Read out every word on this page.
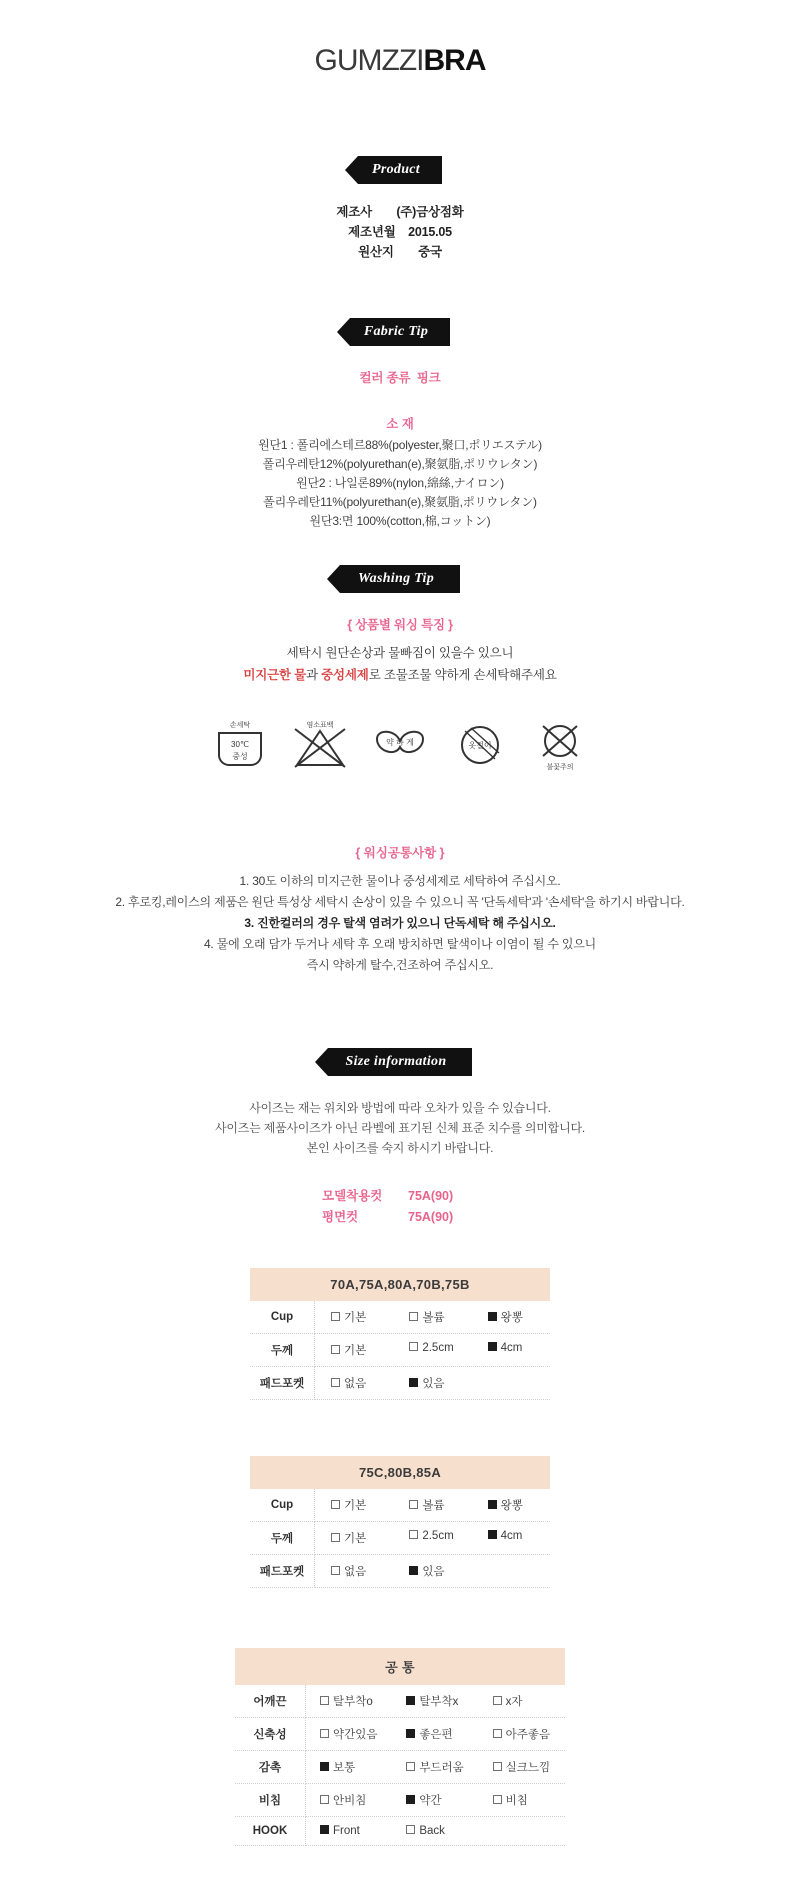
GUMZZIBRA
Product
제조사 (주)금상점화
제조년월 2015.05
원산지 중국
Fabric Tip
컬러 종류 핑크
소 재
원단1 : 폴리에스테르88%(polyester,聚口,ポリエステル)
폴리우레탄12%(polyurethan(e),聚氨脂,ポリウレタン)
원단2 : 나일론89%(nylon,綿絲,ナイロン)
폴리우레탄11%(polyurethan(e),聚氨脂,ポリウレタン)
원단3:면 100%(cotton,棉,コットン)
Washing Tip
{ 상품별 워싱 특징 }
세탁시 원단손상과 물빠짐이 있을수 있으니
미지근한 물과 중성세제로 조물조물 약하게 손세탁해주세요
손세탁
30℃
중성
염소표백
약 하 게	옷걸이
불꽃주의
{ 워싱공통사항 }
1. 30도 이하의 미지근한 물이나 중성세제로 세탁하여 주십시오.
2. 후로킹,레이스의 제품은 원단 특성상 세탁시 손상이 있을 수 있으니 꼭 '단독세탁'과 '손세탁'을 하기시 바랍니다.
3. 진한컬러의 경우 탈색 염려가 있으니 단독세탁 해 주십시오.
4. 물에 오래 담가 두거나 세탁 후 오래 방치하면 탈색이나 이염이 될 수 있으니
즉시 약하게 탈수,건조하여 주십시오.
Size information
사이즈는 재는 위치와 방법에 따라 오차가 있을 수 있습니다.
사이즈는 제품사이즈가 아닌 라벨에 표기된 신체 표준 치수를 의미합니다.
본인 사이즈를 숙지 하시기 바랍니다.
모델착용컷 75A(90)
평면컷	75A(90)
70A,75A,80A,70B,75B
Cup	기본 볼륨 왕뽕

두께	기본 2.5cm 4cm

패드포켓	없음 있음
75C,80B,85A
Cup	기본 볼륨 왕뽕

두께	기본 2.5cm 4cm

패드포켓	없음 있음
공 통
어깨끈	탈부착o 탈부착x x자

신축성	약간있음 좋은편 아주좋음

감촉	보통 부드러움 실크느낌

비침	안비침 약간 비침

HOOK	Front Back
